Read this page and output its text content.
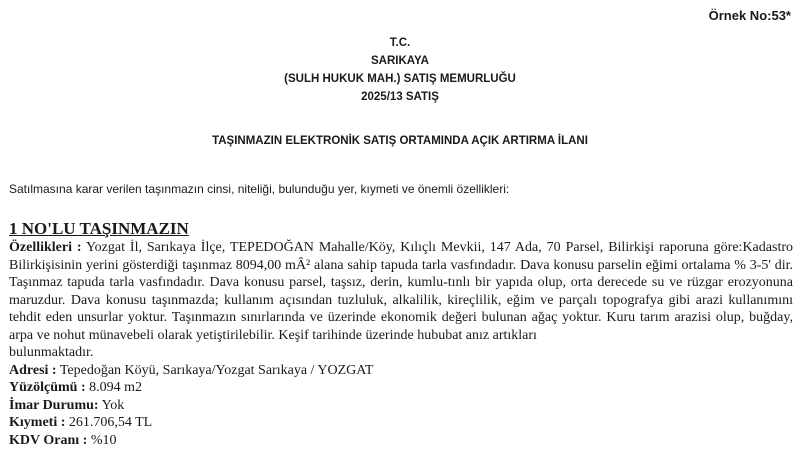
Örnek No:53*
T.C.
SARIKAYA
(SULH HUKUK MAH.) SATIŞ MEMURLUĞU
2025/13 SATIŞ
TAŞINMAZIN ELEKTRONİK SATIŞ ORTAMINDA AÇIK ARTIRMA İLANI
Satılmasına karar verilen taşınmazın cinsi, niteliği, bulunduğu yer, kıymeti ve önemli özellikleri:
1 NO'LU TAŞINMAZIN
Özellikleri : Yozgat İl, Sarıkaya İlçe, TEPEDOĞAN Mahalle/Köy, Kılıçlı Mevkii, 147 Ada, 70 Parsel, Bilirkişi raporuna göre:Kadastro Bilirkişisinin yerini gösterdiği taşınmaz 8094,00 mÂ² alana sahip tapuda tarla vasfındadır. Dava konusu parselin eğimi ortalama % 3-5' dir. Taşınmaz tapuda tarla vasfındadır. Dava konusu parsel, taşsız, derin, kumlu-tınlı bir yapıda olup, orta derecede su ve rüzgar erozyonuna maruzdur. Dava konusu taşınmazda; kullanım açısından tuzluluk, alkalilik, kireçlilik, eğim ve parçalı topografya gibi arazi kullanımını tehdit eden unsurlar yoktur. Taşınmazın sınırlarında ve üzerinde ekonomik değeri bulunan ağaç yoktur. Kuru tarım arazisi olup, buğday, arpa ve nohut münavebeli olarak yetiştirilebilir. Keşif tarihinde üzerinde hububat anız artıkları
bulunmaktadır.
Adresi : Tepedoğan Köyü, Sarıkaya/Yozgat Sarıkaya / YOZGAT
Yüzölçümü : 8.094 m2
İmar Durumu: Yok
Kıymeti : 261.706,54 TL
KDV Oranı : %10
